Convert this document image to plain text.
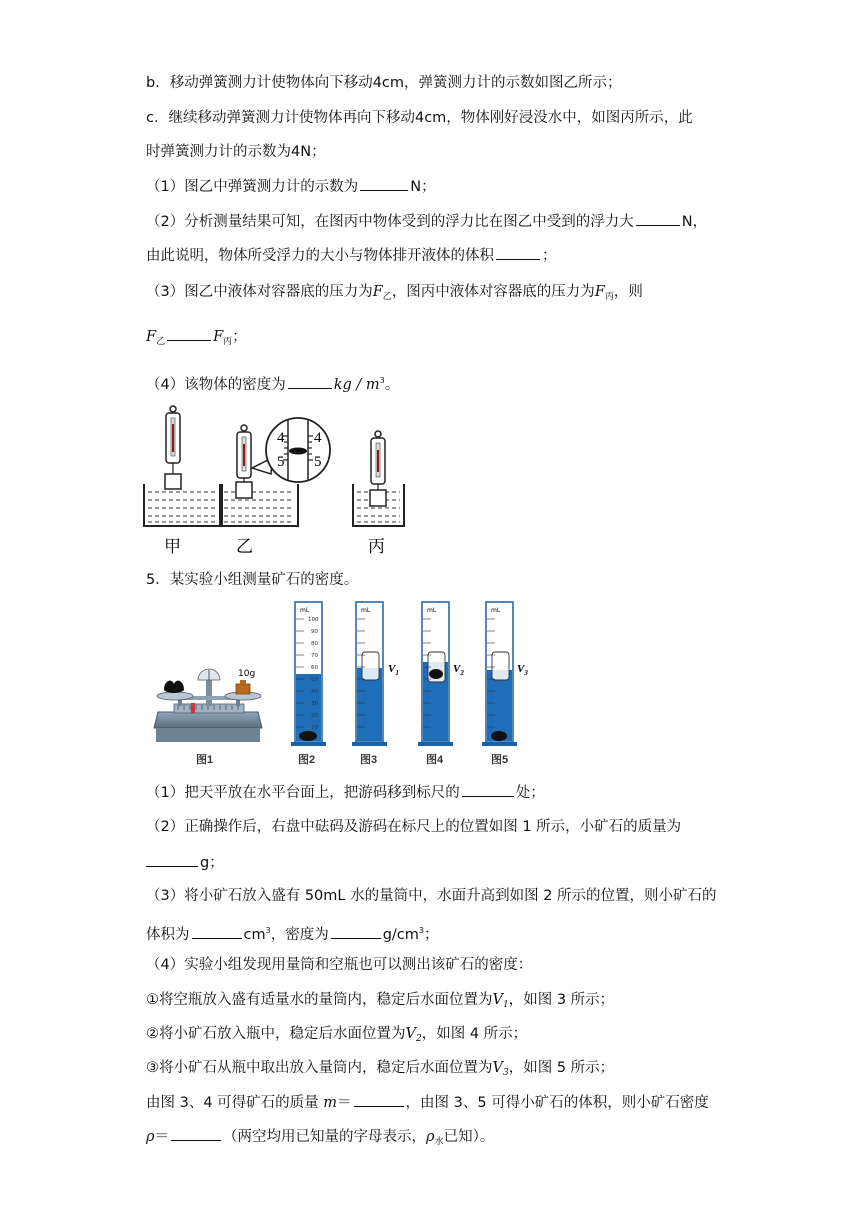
b．移动弹簧测力计使物体向下移动4cm，弹簧测力计的示数如图乙所示；
c．继续移动弹簧测力计使物体再向下移动4cm，物体刚好浸没水中，如图丙所示，此
时弹簧测力计的示数为4N；
（1）图乙中弹簧测力计的示数为	N；
（2）分析测量结果可知，在图丙中物体受到的浮力比在图乙中受到的浮力大	N，
由此说明，物体所受浮力的大小与物体排开液体的体积	；
（3）图乙中液体对容器底的压力为$F_乙$，图丙中液体对容器底的压力为$F_丙$，则
$F_乙$	$F_丙$；
（4）该物体的密度为	kg / $m^3$。
4 4
5 5
甲	乙	丙
5．某实验小组测量矿石的密度。
10g
mL
100
90
80
70
60
50
40
30
20
10
mL
$V_1$
mL
$V_2$
mL
$V_3$
图1	图2	图3	图4	图5
（1）把天平放在水平台面上，把游码移到标尺的	处；
（2）正确操作后，右盘中砝码及游码在标尺上的位置如图 1 所示，小矿石的质量为
g；
（3）将小矿石放入盛有 50mL 水的量筒中，水面升高到如图 2 所示的位置，则小矿石的
体积为	$cm^3$，密度为	$g/cm^3$；
（4）实验小组发现用量筒和空瓶也可以测出该矿石的密度：
①将空瓶放入盛有适量水的量筒内，稳定后水面位置为$V_1$，如图 3 所示；
②将小矿石放入瓶中，稳定后水面位置为$V_2$，如图 4 所示；
③将小矿石从瓶中取出放入量筒内，稳定后水面位置为$V_3$，如图 5 所示；
由图 3、4 可得矿石的质量 m＝	，由图 3、5 可得小矿石的体积，则小矿石密度
ρ＝	（两空均用已知量的字母表示，$\rho_水$已知）。
